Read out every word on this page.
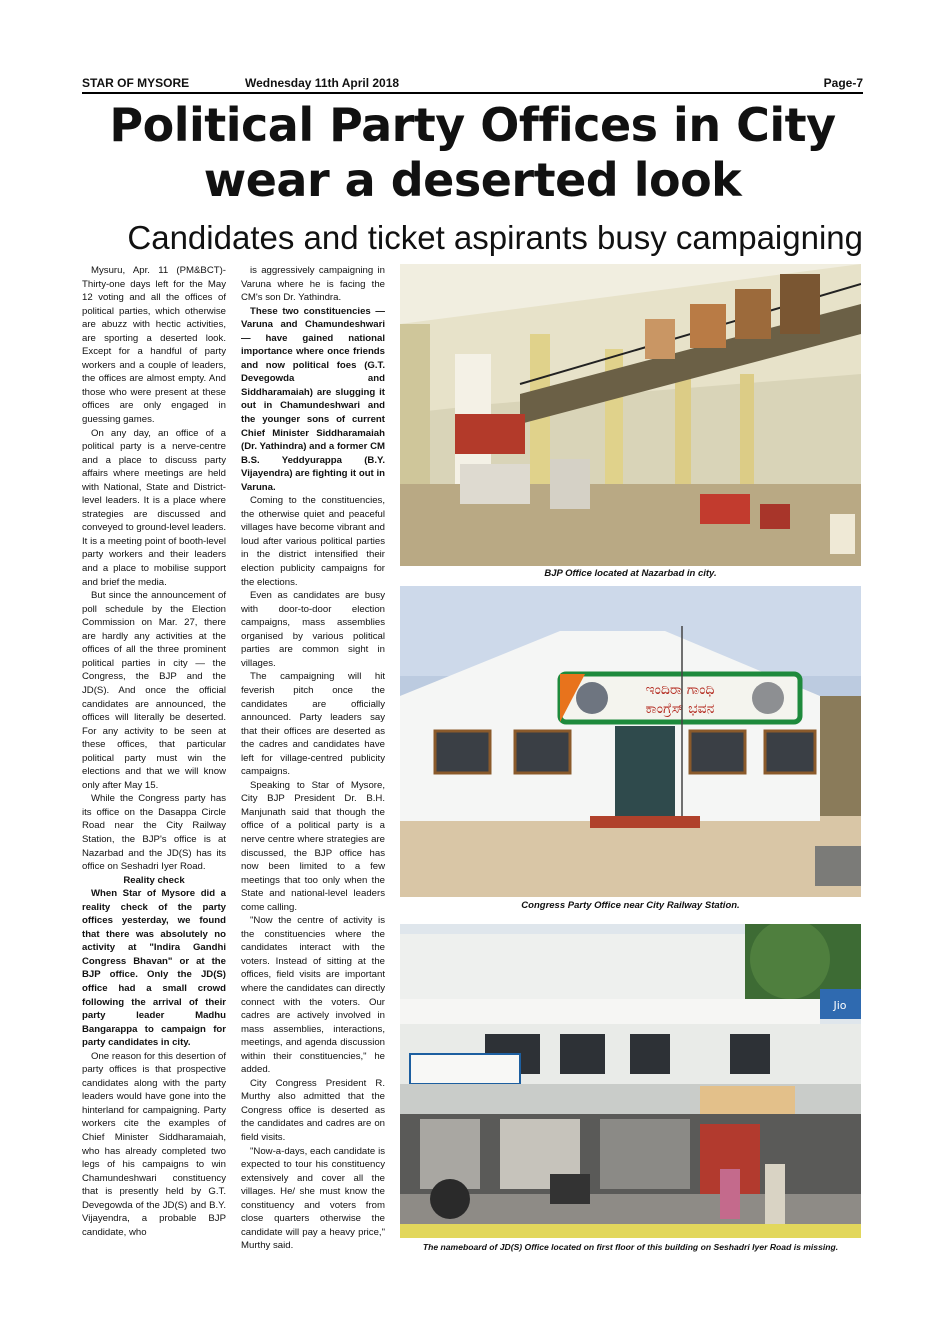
STAR OF MYSORE	Wednesday 11th April 2018	Page-7
Political Party Offices in City
wear a deserted look
Candidates and ticket aspirants busy campaigning

Mysuru, Apr. 11 (PM&BCT)- Thirty-one days left for the May 12 voting and all the offices of political parties, which otherwise are abuzz with hectic activities, are sporting a deserted look. Except for a handful of party workers and a couple of leaders, the offices are almost empty. And those who were present at these offices are only engaged in guessing games.

On any day, an office of a political party is a nerve-centre and a place to discuss party affairs where meetings are held with National, State and District-level leaders. It is a place where strategies are discussed and conveyed to ground-level leaders. It is a meeting point of booth-level party workers and their leaders and a place to mobilise support and brief the media.

But since the announcement of poll schedule by the Election Commission on Mar. 27, there are hardly any activities at the offices of all the three prominent political parties in city — the Congress, the BJP and the JD(S). And once the official candidates are announced, the offices will literally be deserted. For any activity to be seen at these offices, that particular political party must win the elections and that we will know only after May 15.

While the Congress party has its office on the Dasappa Circle Road near the City Railway Station, the BJP's office is at Nazarbad and the JD(S) has its office on Seshadri Iyer Road.

Reality check

When Star of Mysore did a reality check of the party offices yesterday, we found that there was absolutely no activity at "Indira Gandhi Congress Bhavan" or at the BJP office. Only the JD(S) office had a small crowd following the arrival of their party leader Madhu Bangarappa to campaign for party candidates in city.

One reason for this desertion of party offices is that prospective candidates along with the party leaders would have gone into the hinterland for campaigning. Party workers cite the examples of Chief Minister Siddharamaiah, who has already completed two legs of his campaigns to win Chamundeshwari constituency that is presently held by G.T. Devegowda of the JD(S) and B.Y. Vijayendra, a probable BJP candidate, who

is aggressively campaigning in Varuna where he is facing the CM's son Dr. Yathindra.

These two constituencies — Varuna and Chamundeshwari — have gained national importance where once friends and now political foes (G.T. Devegowda and Siddharamaiah) are slugging it out in Chamundeshwari and the younger sons of current Chief Minister Siddharamaiah (Dr. Yathindra) and a former CM B.S. Yeddyurappa (B.Y. Vijayendra) are fighting it out in Varuna.

Coming to the constituencies, the otherwise quiet and peaceful villages have become vibrant and loud after various political parties in the district intensified their election publicity campaigns for the elections.

Even as candidates are busy with door-to-door election campaigns, mass assemblies organised by various political parties are common sight in villages.

The campaigning will hit feverish pitch once the candidates are officially announced. Party leaders say that their offices are deserted as the cadres and candidates have left for village-centred publicity campaigns.

Speaking to Star of Mysore, City BJP President Dr. B.H. Manjunath said that though the office of a political party is a nerve centre where strategies are discussed, the BJP office has now been limited to a few meetings that too only when the State and national-level leaders come calling.

"Now the centre of activity is the constituencies where the candidates interact with the voters. Instead of sitting at the offices, field visits are important where the candidates can directly connect with the voters. Our cadres are actively involved in mass assemblies, interactions, meetings, and agenda discussion within their constituencies," he added.

City Congress President R. Murthy also admitted that the Congress office is deserted as the candidates and cadres are on field visits.

"Now-a-days, each candidate is expected to tour his constituency extensively and cover all the villages. He/ she must know the constituency and voters from close quarters otherwise the candidate will pay a heavy price," Murthy said.

BJP Office located at Nazarbad in city.
ಇಂದಿರಾ ಗಾಂಧಿ
ಕಾಂಗ್ರೆಸ್ ಭವನ
Congress Party Office near City Railway Station.
Jio
The nameboard of JD(S) Office located on first floor of this building on Seshadri Iyer Road is missing.
